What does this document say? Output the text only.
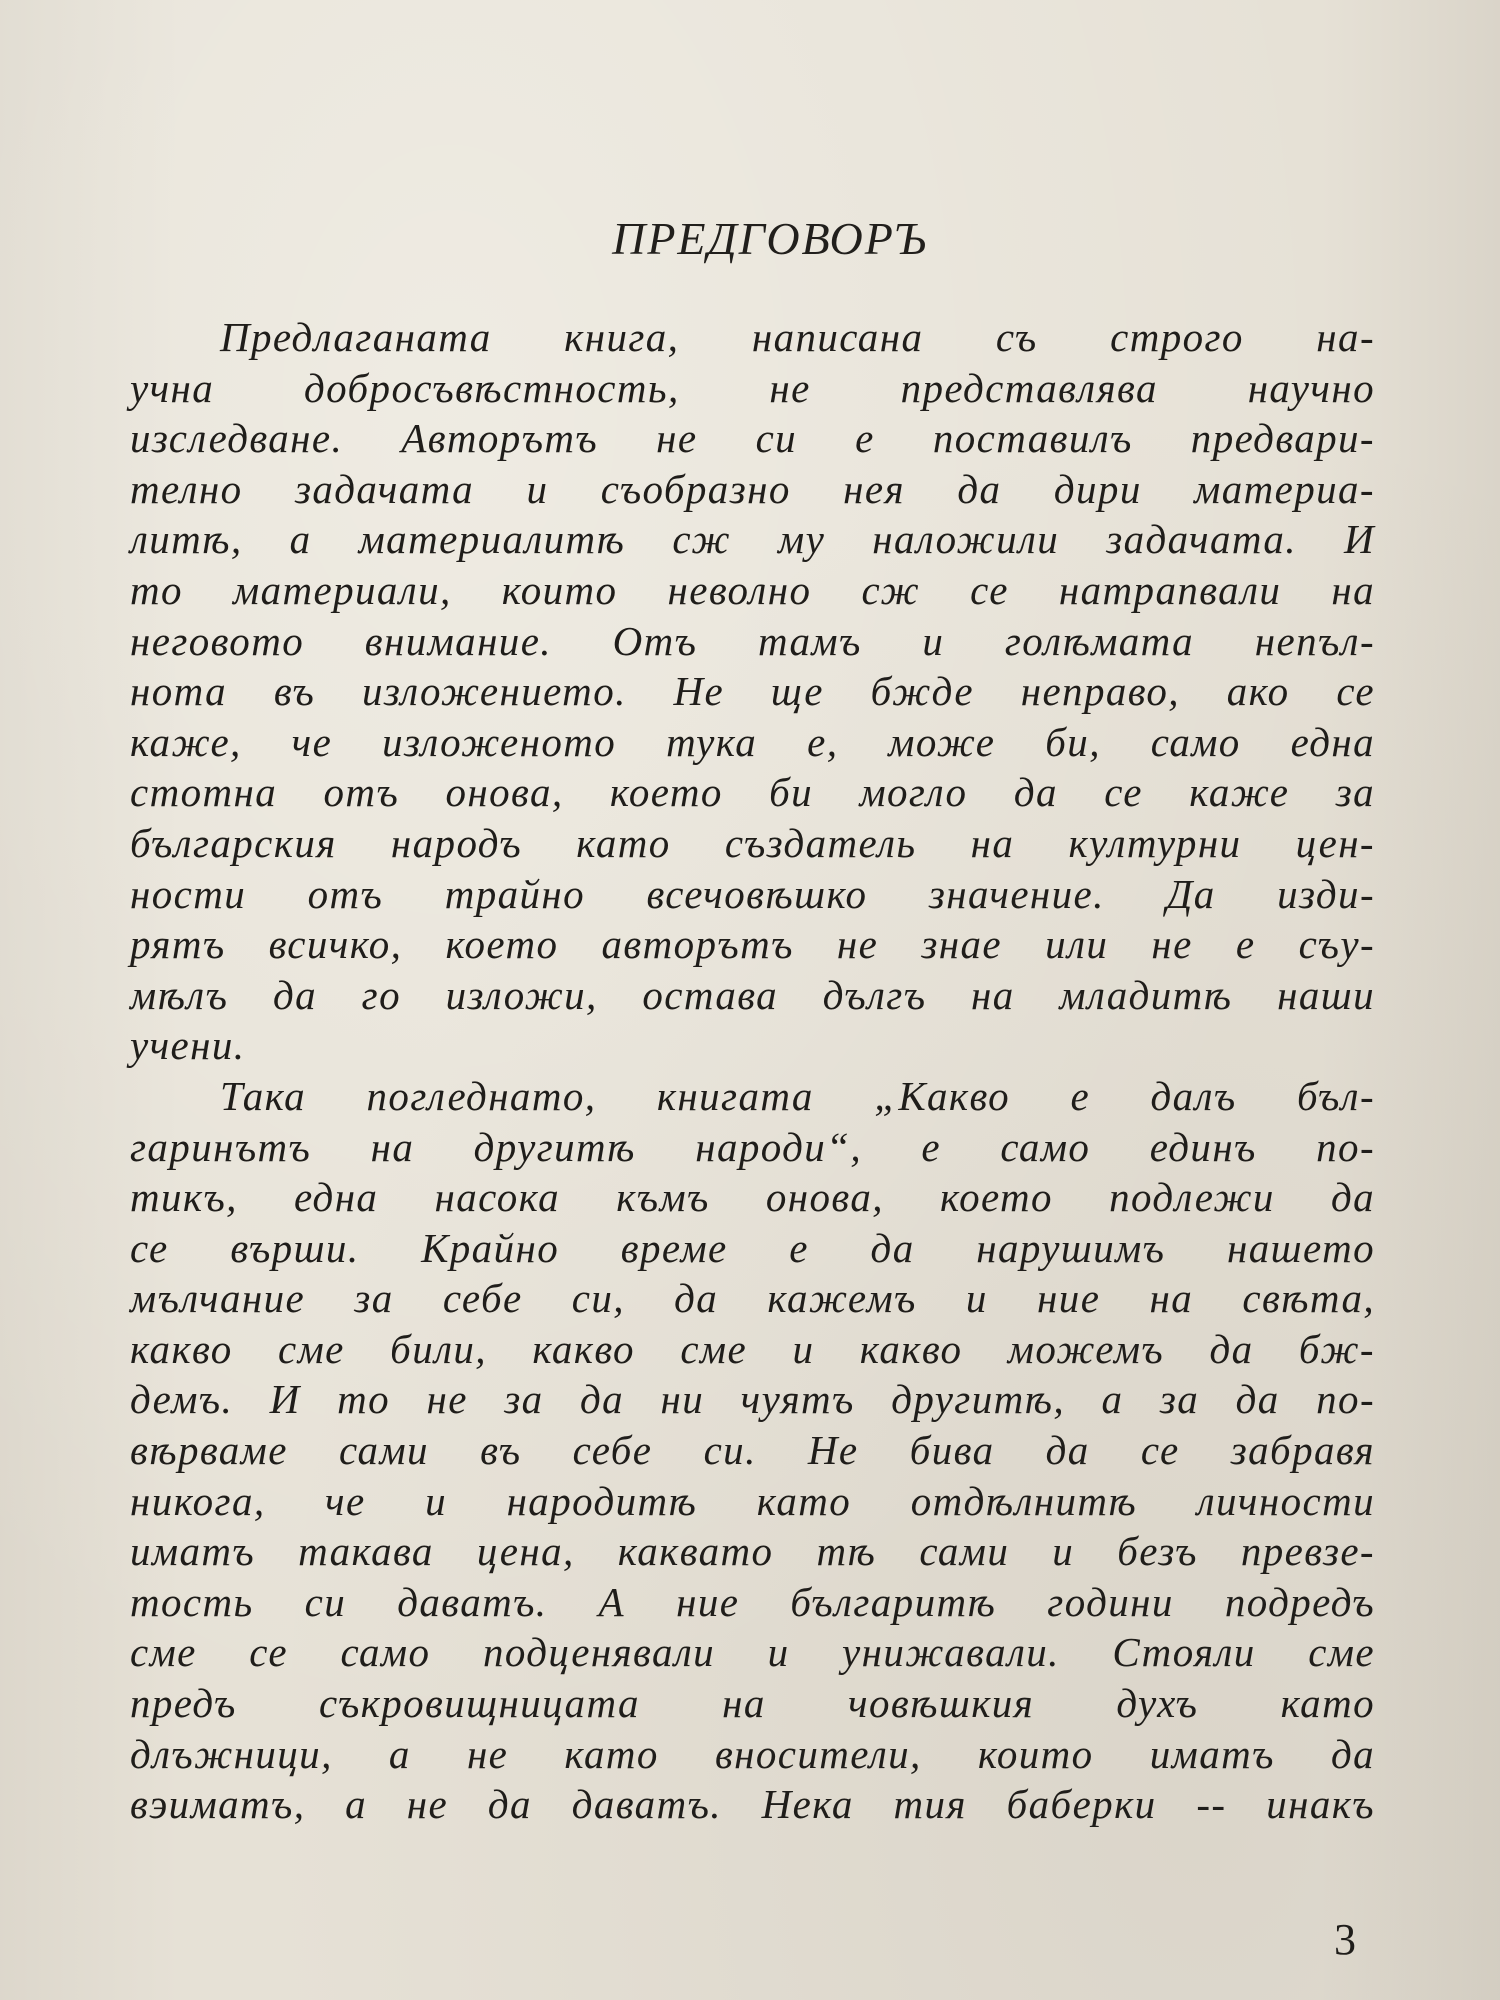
ПРЕДГОВОРЪ
Предлаганата книга, написана съ строго на-
учна добросъвѣстность, не представлява научно
изследване. Авторътъ не си е поставилъ предвари-
телно задачата и съобразно нея да дири материа-
литѣ, а материалитѣ сж му наложили задачата. И
то материали, които неволно сж се натрапвали на
неговото внимание. Отъ тамъ и голѣмата непъл-
нота въ изложението. Не ще бжде неправо, ако се
каже, че изложеното тука е, може би, само една
стотна отъ онова, което би могло да се каже за
българския народъ като създатель на културни цен-
ности отъ трайно всечовѣшко значение. Да изди-
рятъ всичко, което авторътъ не знае или не е съу-
мѣлъ да го изложи, остава дългъ на младитѣ наши
учени.
Така погледнато, книгата „Какво е далъ бъл-
гаринътъ на другитѣ народи“, е само единъ по-
тикъ, една насока къмъ онова, което подлежи да
се върши. Крайно време е да нарушимъ нашето
мълчание за себе си, да кажемъ и ние на свѣта,
какво сме били, какво сме и какво можемъ да бж-
демъ. И то не за да ни чуятъ другитѣ, а за да по-
вѣрваме сами въ себе си. Не бива да се забравя
никога, че и народитѣ като отдѣлнитѣ личности
иматъ такава цена, каквато тѣ сами и безъ превзе-
тость си даватъ. А ние българитѣ години подредъ
сме се само подценявали и унижавали. Стояли сме
предъ съкровищницата на човѣшкия духъ като
длъжници, а не като вносители, които иматъ да
вэиматъ, а не да даватъ. Нека тия баберки -- инакъ
3
